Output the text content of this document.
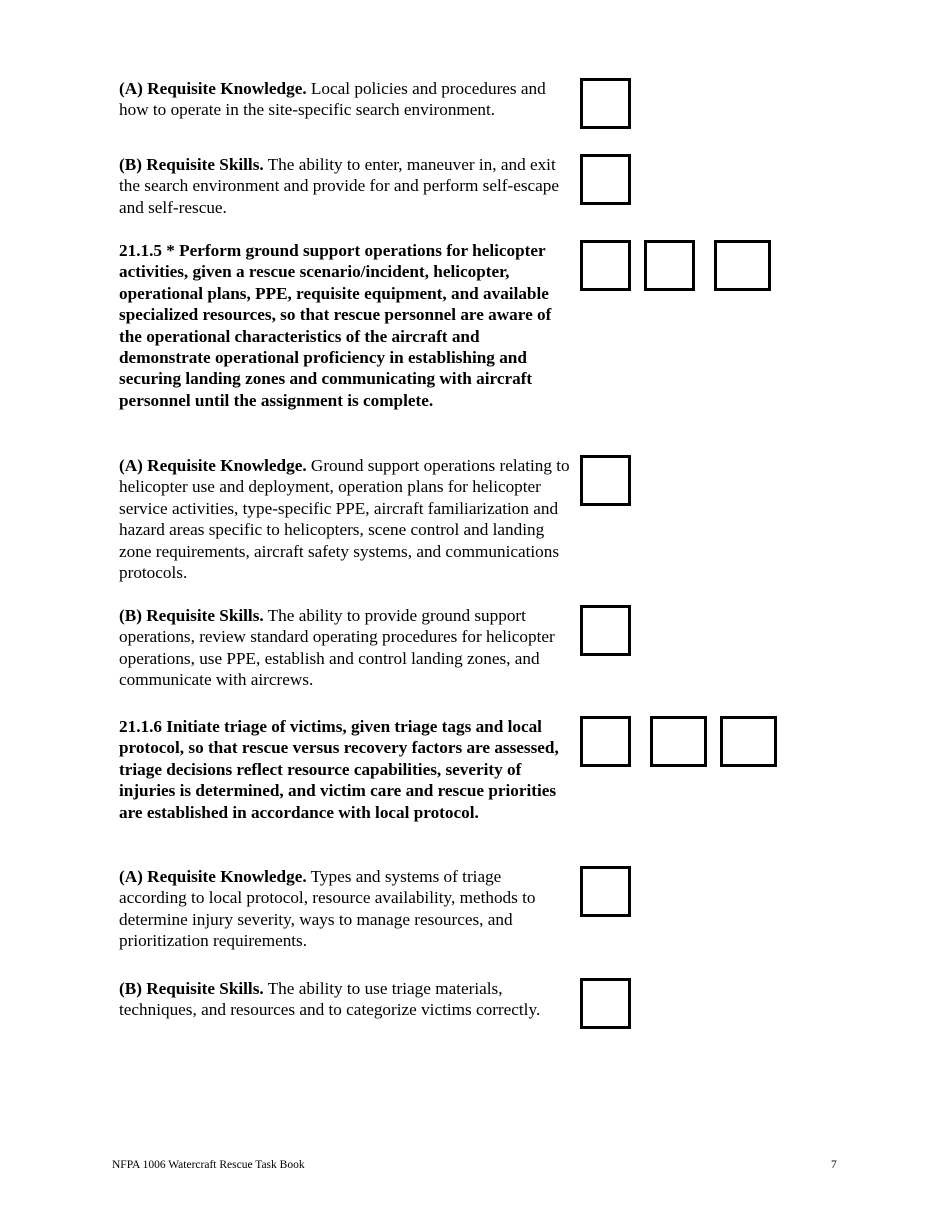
(A) Requisite Knowledge. Local policies and procedures and how to operate in the site-specific search environment.

(B) Requisite Skills. The ability to enter, maneuver in, and exit the search environment and provide for and perform self-escape and self-rescue.

21.1.5 * Perform ground support operations for helicopter activities, given a rescue scenario/incident, helicopter, operational plans, PPE, requisite equipment, and available specialized resources, so that rescue personnel are aware of the operational characteristics of the aircraft and demonstrate operational proficiency in establishing and securing landing zones and communicating with aircraft personnel until the assignment is complete.

(A) Requisite Knowledge. Ground support operations relating to helicopter use and deployment, operation plans for helicopter service activities, type-specific PPE, aircraft familiarization and hazard areas specific to helicopters, scene control and landing zone requirements, aircraft safety systems, and communications protocols.

(B) Requisite Skills. The ability to provide ground support operations, review standard operating procedures for helicopter operations, use PPE, establish and control landing zones, and communicate with aircrews.

21.1.6 Initiate triage of victims, given triage tags and local protocol, so that rescue versus recovery factors are assessed, triage decisions reflect resource capabilities, severity of injuries is determined, and victim care and rescue priorities are established in accordance with local protocol.

(A) Requisite Knowledge. Types and systems of triage according to local protocol, resource availability, methods to determine injury severity, ways to manage resources, and prioritization requirements.

(B) Requisite Skills. The ability to use triage materials, techniques, and resources and to categorize victims correctly.

NFPA 1006 Watercraft Rescue Task Book	7
